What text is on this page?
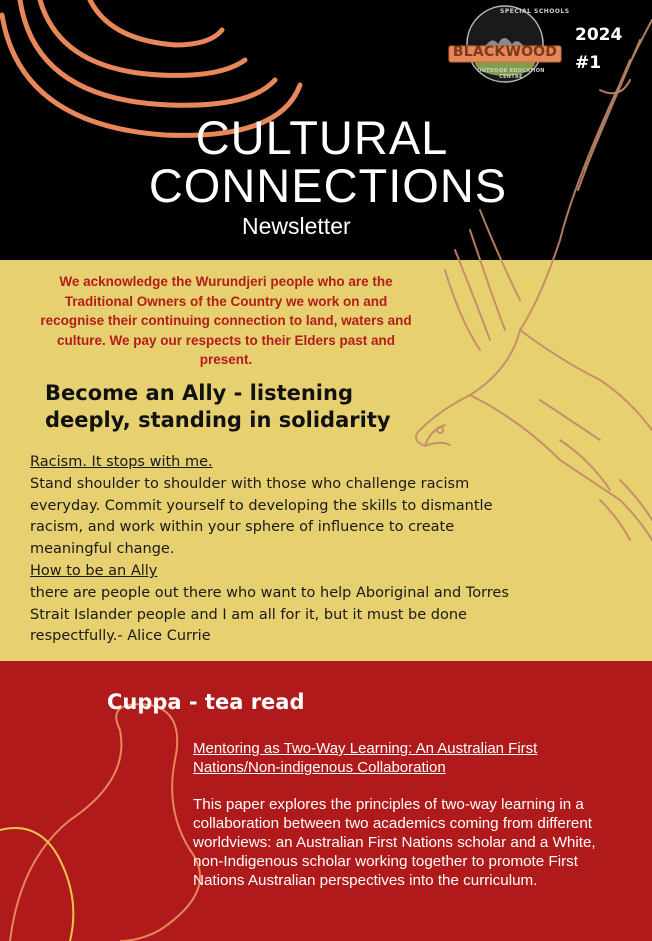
BLACKWOOD
SPECIAL SCHOOLS
OUTDOOR EDUCATION CENTRE
2024
#1
CULTURAL
CONNECTIONS
Newsletter
We acknowledge the Wurundjeri people who are the Traditional Owners of the Country we work on and recognise their continuing connection to land, waters and culture. We pay our respects to their Elders past and present.
Become an Ally - listening deeply, standing in solidarity
Racism. It stops with me.
Stand shoulder to shoulder with those who challenge racism everyday. Commit yourself to developing the skills to dismantle racism, and work within your sphere of influence to create meaningful change.
How to be an Ally
there are people out there who want to help Aboriginal and Torres Strait Islander people and I am all for it, but it must be done respectfully.- Alice Currie
Cuppa - tea read
Mentoring as Two-Way Learning: An Australian First Nations/Non-indigenous Collaboration
This paper explores the principles of two-way learning in a collaboration between two academics coming from different worldviews: an Australian First Nations scholar and a White, non-Indigenous scholar working together to promote First Nations Australian perspectives into the curriculum.
